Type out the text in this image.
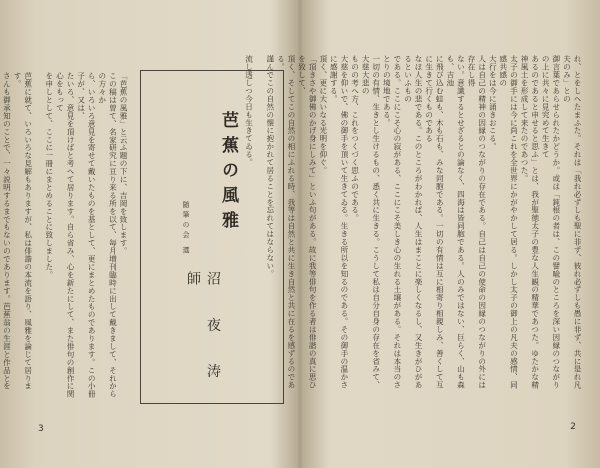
れ、とをしへたまふた。それは「我れ必ずしも聖に非ず、彼れ必ずしも愚に非ず、共に是れ凡夫のみ」との
御言葉であらせられたかどうか。或は「鈍根の者は、この譬喩のところを深い因縁のつながりの上に共々に見究めて生きて
あるのであると申せると思ふ」とは、我が聖徳太子の豊な人生観の精華であつた。ゆたかな精神風土を形成して来たのであつた。
太子の御手には今に尚これを全世界にかがやかして居る。しかし太子の御上の凡夫の感情、同感共感の
大行をは今に涌きおこる。
人は自己の精神の因縁のつながりの存在である。自己は自己の使命の因縁のつながりの外には存在し得
ない。意識するとせざるとの論なく、四海は皆同胞である。人のみではない、巨らく、山も森も、吉池
に飛び込む蛙も、木も石も、みな同胞である。一切の有情は互に相寄り相親しみ、善くして互に生きて行くものである
なほ人生の悲である。このところがわかれば、人生はまことに楽しくなるし、又生きがひがあるといふもの
である。ここにこそ心の寂がある、ここにこそ美しき心の生れる土壌がある。それは本当のさとりの境地である。
一切の有情、生きとし生けるもの、悉く共に生きる。こうして私は自分自身の存在を省みて、大慈大悲の
ものの考へ方、これをつくづく思ふのである。
大慈を仰いで、佛の御手を頂いて生きてゐる。生きる所以を知るのである。その御手の温かさに感謝する。
頂く、更に大いなる光明を仰ぐ。
「頂きさや御佛のかげ身にしみて」といふ句がある。故に我等俳句を作る者は俳諧の真に思ひを致して、
頂く、そしてこの自然の相にふれる時、我等は自然と共に生き自然と共に在るを感ずるのである。
謹んでこの自然の懐に抱かれて居ることを忘れてはならない。

流し透しつ今日も生きてゐる。
2
芭蕉の風雅
随筆の会 選
沼 夜 涛 師
「芭蕉の風雅」と云ふ題の下に、吉岡を致します。
この稿は曽て、名家研究に亘り来る所を以て、毎月増刊臨時に出して戴きまして、それからの方々か
ら、いろいろ意見を寄せて戴いたものを基として、更にまとめたものであります。この小冊子が、又は、
たいろ、意見を頂けばと考へて居ります。自ら省み、心を新たにして、また俳句の創作に関心をもって
を申しとして、ここに一冊にまとめることに致しました。

芭蕉に就て、いろいろな見解もありますが、私は俳諧の本流を語り、風雅を論じて居ります。
さんも御承知のことで、一々説明するまでもないのであります。芭蕉翁の生涯と作品とを

3
